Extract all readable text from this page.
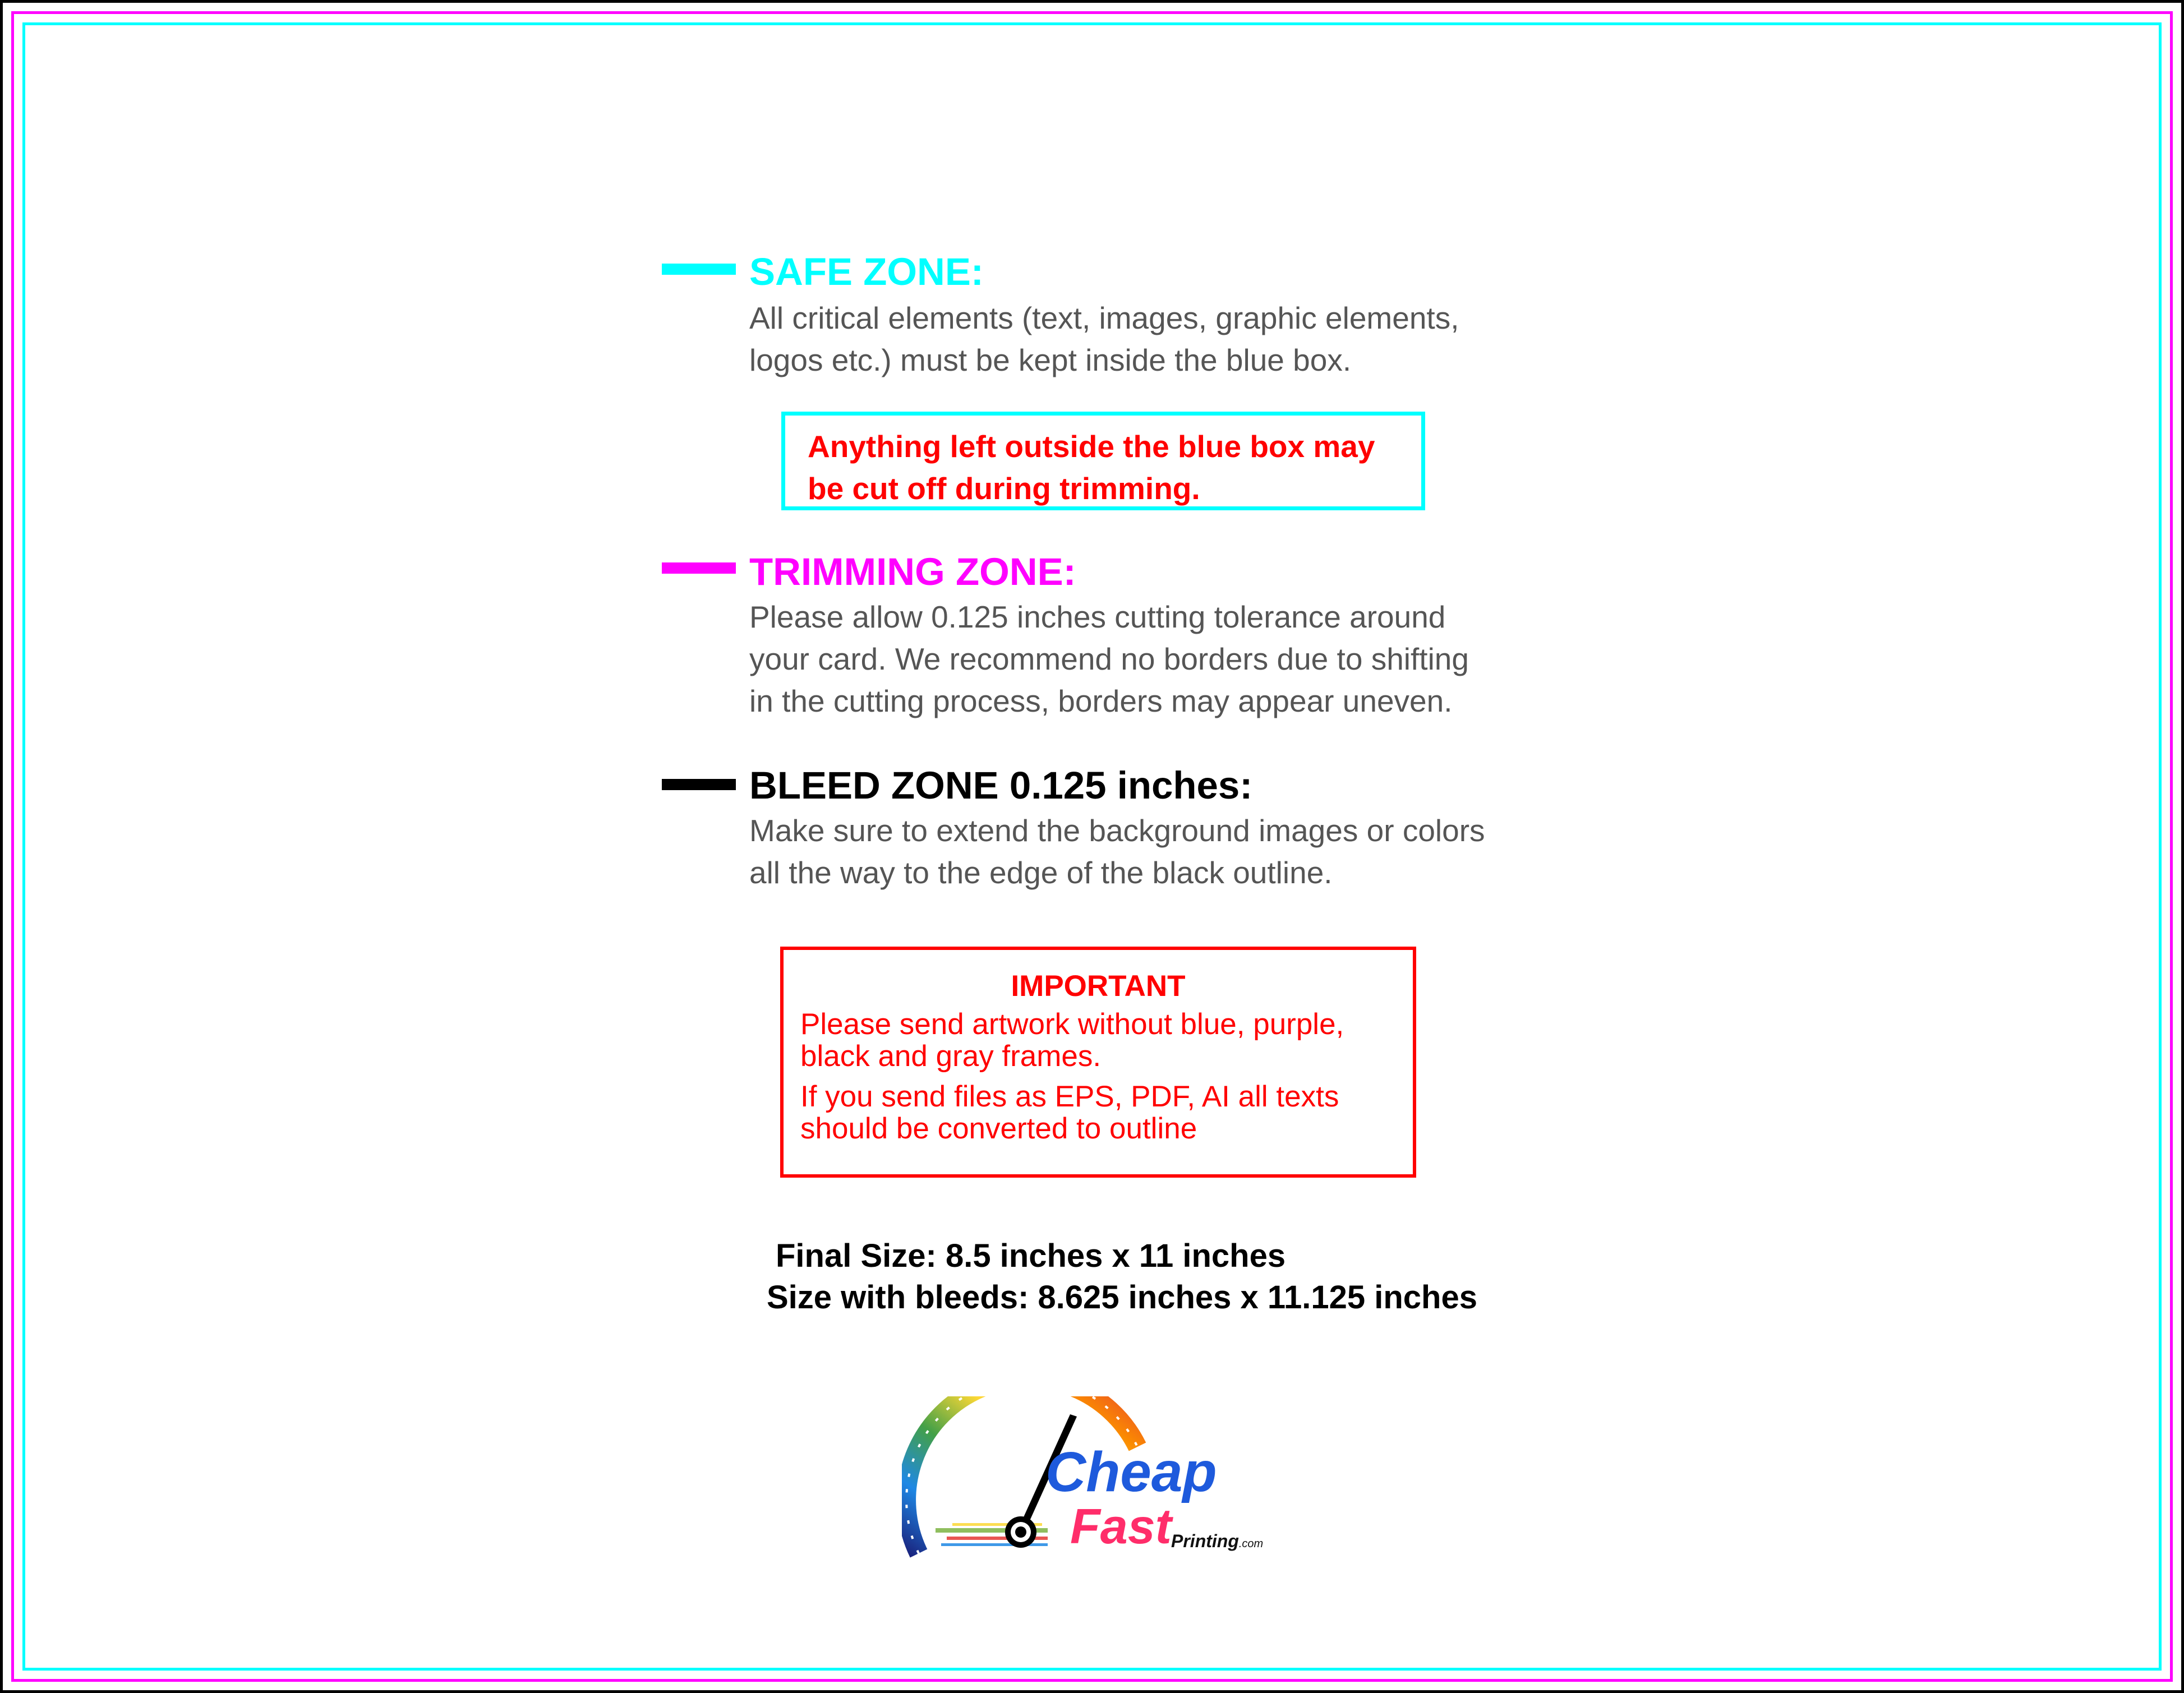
SAFE ZONE:
All critical elements (text, images, graphic elements,
logos etc.) must be kept inside the blue box.
Anything left outside the blue box may
be cut off during trimming.
TRIMMING ZONE:
Please allow 0.125 inches cutting tolerance around
your card. We recommend no borders due to shifting
in the cutting process, borders may appear uneven.
BLEED ZONE 0.125 inches:
Make sure to extend the background images or colors
all the way to the edge of the black outline.
IMPORTANT
Please send artwork without blue, purple,
black and gray frames.
If you send files as EPS, PDF, AI all texts
should be converted to outline
Final Size: 8.5 inches x 11 inches
Size with bleeds: 8.625 inches x 11.125 inches
Cheap
Fast Printing.com
